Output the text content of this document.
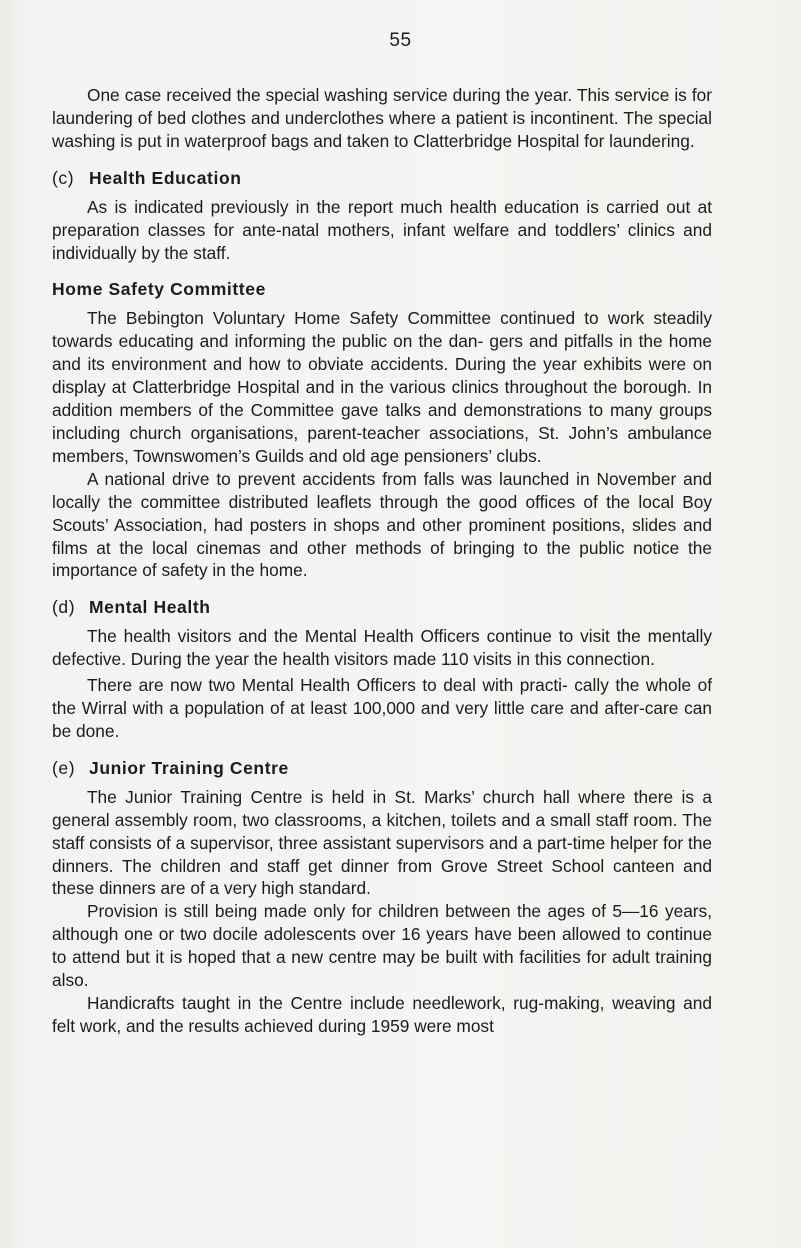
55

One case received the special washing service during the year. This service is for laundering of bed clothes and underclothes where a patient is incontinent. The special washing is put in waterproof bags and taken to Clatterbridge Hospital for laundering.

(c) Health Education

As is indicated previously in the report much health education is carried out at preparation classes for ante-natal mothers, infant welfare and toddlers’ clinics and individually by the staff.

Home Safety Committee

The Bebington Voluntary Home Safety Committee continued to work steadily towards educating and informing the public on the dan- gers and pitfalls in the home and its environment and how to obviate accidents. During the year exhibits were on display at Clatterbridge Hospital and in the various clinics throughout the borough. In addition members of the Committee gave talks and demonstrations to many groups including church organisations, parent-teacher associations, St. John’s ambulance members, Townswomen’s Guilds and old age pensioners’ clubs.

A national drive to prevent accidents from falls was launched in November and locally the committee distributed leaflets through the good offices of the local Boy Scouts’ Association, had posters in shops and other prominent positions, slides and films at the local cinemas and other methods of bringing to the public notice the importance of safety in the home.

(d) Mental Health

The health visitors and the Mental Health Officers continue to visit the mentally defective. During the year the health visitors made 110 visits in this connection.

There are now two Mental Health Officers to deal with practi- cally the whole of the Wirral with a population of at least 100,000 and very little care and after-care can be done.

(e) Junior Training Centre

The Junior Training Centre is held in St. Marks’ church hall where there is a general assembly room, two classrooms, a kitchen, toilets and a small staff room. The staff consists of a supervisor, three assistant supervisors and a part-time helper for the dinners. The children and staff get dinner from Grove Street School canteen and these dinners are of a very high standard.

Provision is still being made only for children between the ages of 5—16 years, although one or two docile adolescents over 16 years have been allowed to continue to attend but it is hoped that a new centre may be built with facilities for adult training also.

Handicrafts taught in the Centre include needlework, rug-making, weaving and felt work, and the results achieved during 1959 were most
